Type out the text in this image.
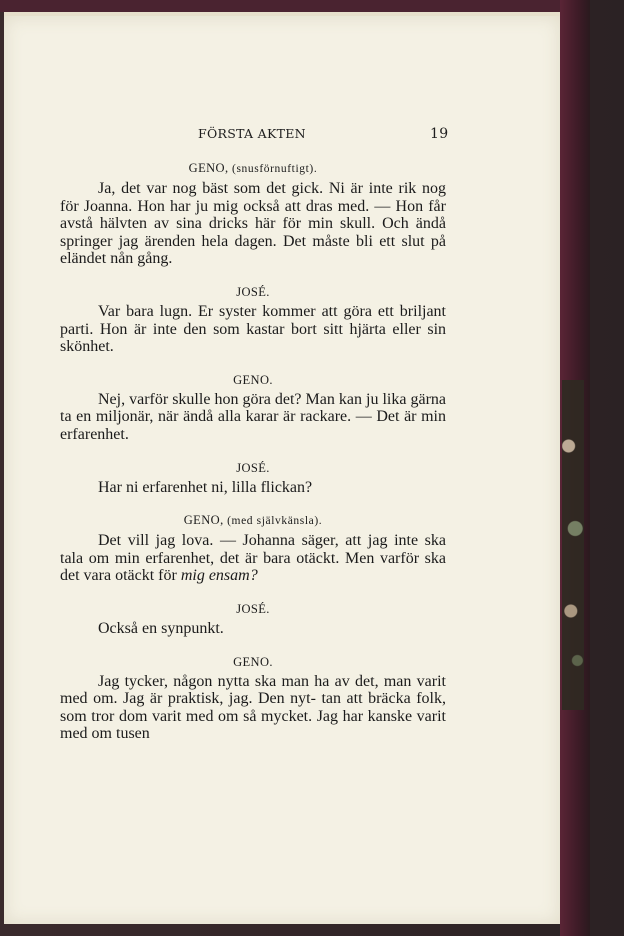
FÖRSTA AKTEN	19

GENO, (snusförnuftigt).

Ja, det var nog bäst som det gick. Ni är inte rik nog för Joanna. Hon har ju mig också att dras med. — Hon får avstå hälvten av sina dricks här för min skull. Och ändå springer jag ärenden hela dagen. Det måste bli ett slut på eländet nån gång.

JOSÉ.

Var bara lugn. Er syster kommer att göra ett briljant parti. Hon är inte den som kastar bort sitt hjärta eller sin skönhet.

GENO.

Nej, varför skulle hon göra det? Man kan ju lika gärna ta en miljonär, när ändå alla karar är rackare. — Det är min erfarenhet.

JOSÉ.

Har ni erfarenhet ni, lilla flickan?

GENO, (med självkänsla).

Det vill jag lova. — Johanna säger, att jag inte ska tala om min erfarenhet, det är bara otäckt. Men varför ska det vara otäckt för mig ensam?

JOSÉ.

Också en synpunkt.

GENO.

Jag tycker, någon nytta ska man ha av det, man varit med om. Jag är praktisk, jag. Den nyt- tan att bräcka folk, som tror dom varit med om så mycket. Jag har kanske varit med om tusen
